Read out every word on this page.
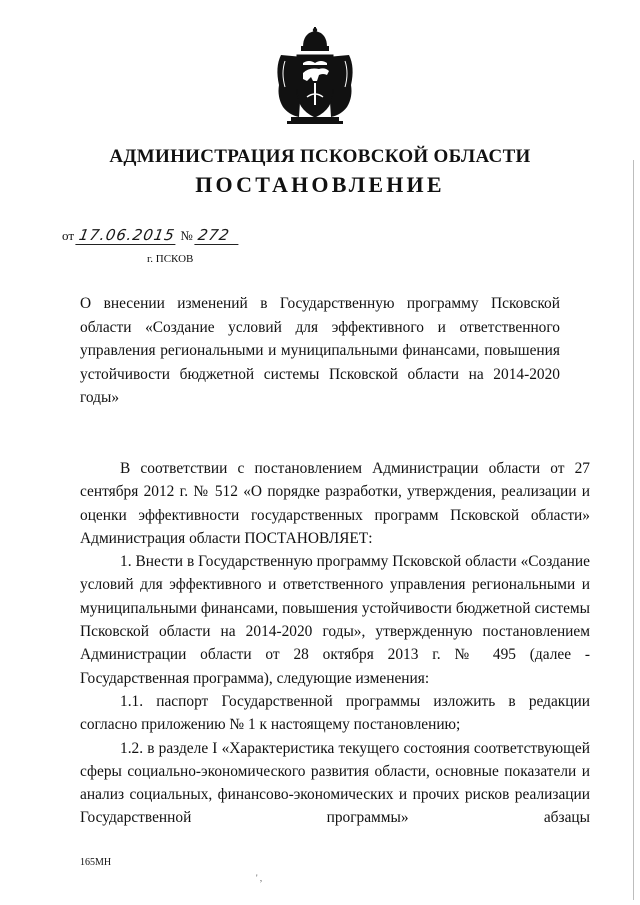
АДМИНИСТРАЦИЯ ПСКОВСКОЙ ОБЛАСТИ
ПОСТАНОВЛЕНИЕ
от 17.06.2015 № 272
г. ПСКОВ
О внесении изменений в Государственную программу Псковской области «Создание условий для эффективного и ответственного управления региональными и муниципальными финансами, повышения устойчивости бюджетной системы Псковской области на 2014-2020 годы»

В соответствии с постановлением Администрации области от 27 сентября 2012 г. № 512 «О порядке разработки, утверждения, реализации и оценки эффективности государственных программ Псковской области» Администрация области ПОСТАНОВЛЯЕТ:

1. Внести в Государственную программу Псковской области «Создание условий для эффективного и ответственного управления региональными и муниципальными финансами, повышения устойчивости бюджетной системы Псковской области на 2014-2020 годы», утвержденную постановлением Администрации области от 28 октября 2013 г. № 495 (далее - Государственная программа), следующие изменения:

1.1. паспорт Государственной программы изложить в редакции согласно приложению № 1 к настоящему постановлению;

1.2. в разделе I «Характеристика текущего состояния соответствующей сферы социально-экономического развития области, основные показатели и анализ социальных, финансово-экономических и прочих рисков реализации Государственной программы» абзацы

165МН
' ,
